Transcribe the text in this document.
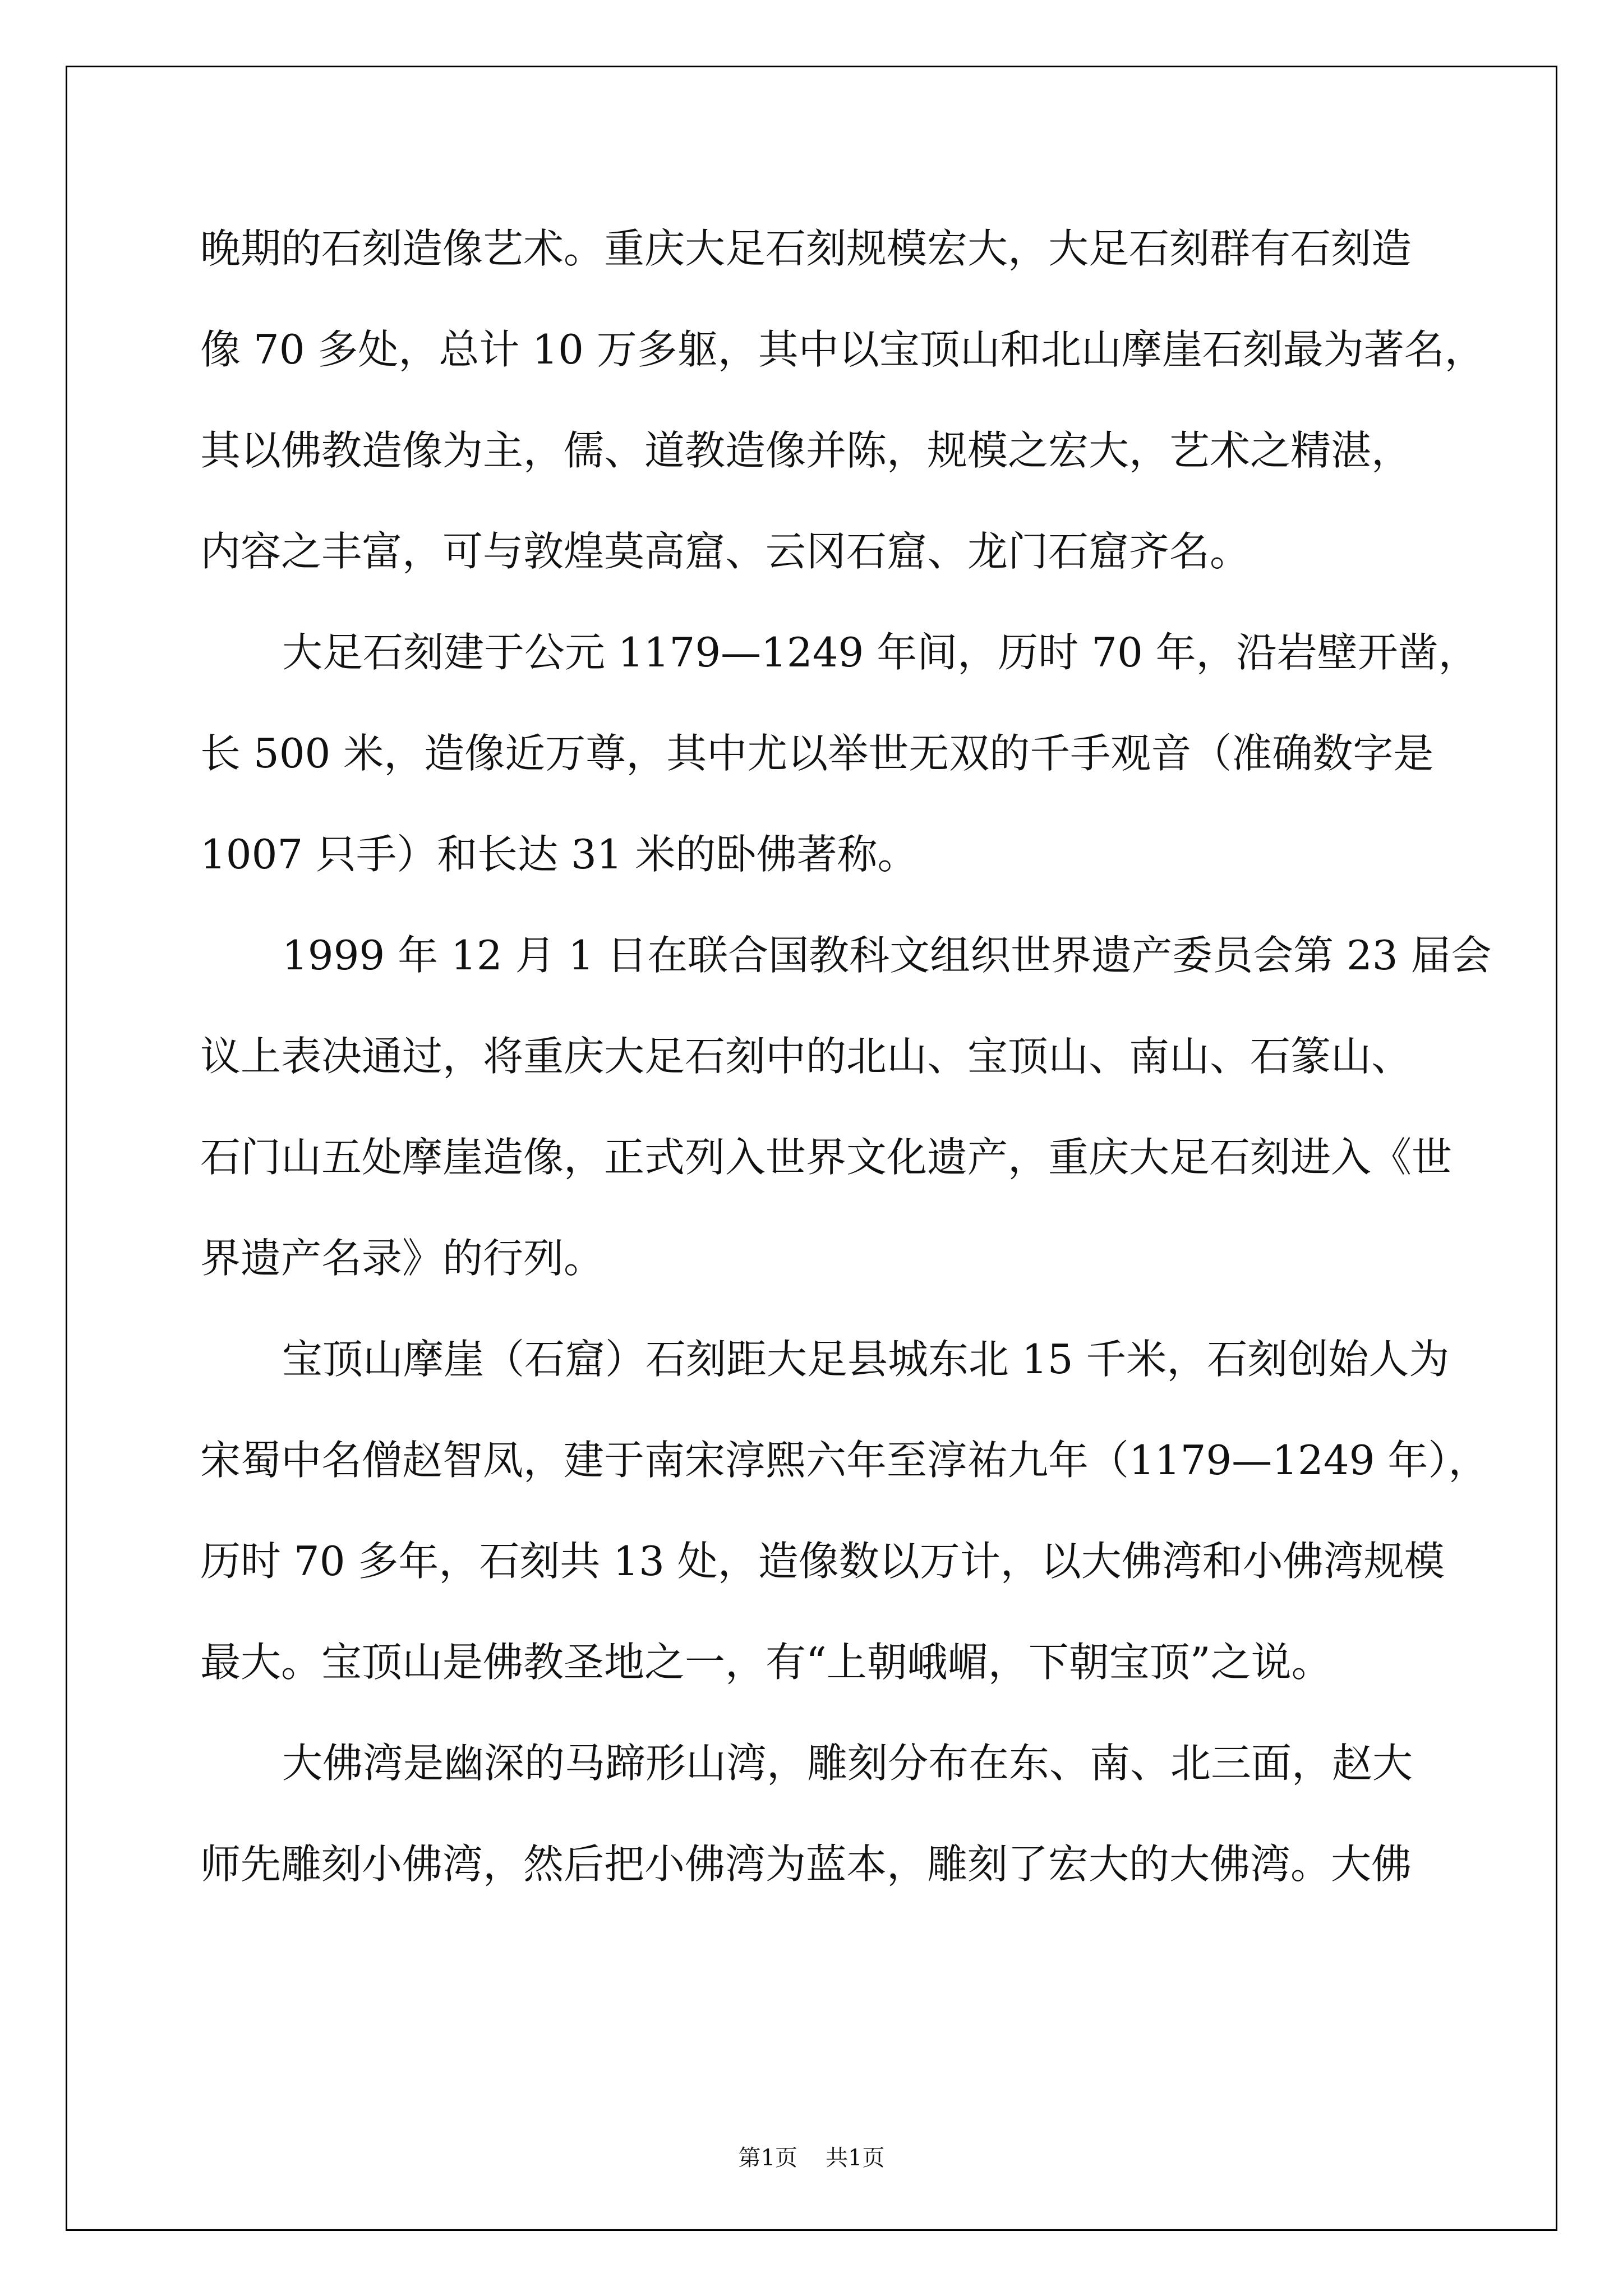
晚期的石刻造像艺术。重庆大足石刻规模宏大，大足石刻群有石刻造
像 70 多处，总计 10 万多躯，其中以宝顶山和北山摩崖石刻最为著名，
其以佛教造像为主，儒、道教造像并陈，规模之宏大，艺术之精湛，
内容之丰富，可与敦煌莫高窟、云冈石窟、龙门石窟齐名。
大足石刻建于公元 1179—1249 年间，历时 70 年，沿岩壁开凿，
长 500 米，造像近万尊，其中尤以举世无双的千手观音（准确数字是
1007 只手）和长达 31 米的卧佛著称。
1999 年 12 月 1 日在联合国教科文组织世界遗产委员会第 23 届会
议上表决通过，将重庆大足石刻中的北山、宝顶山、南山、石篆山、
石门山五处摩崖造像，正式列入世界文化遗产，重庆大足石刻进入《世
界遗产名录》的行列。
宝顶山摩崖（石窟）石刻距大足县城东北 15 千米，石刻创始人为
宋蜀中名僧赵智凤，建于南宋淳熙六年至淳祐九年（1179—1249 年），
历时 70 多年，石刻共 13 处，造像数以万计，以大佛湾和小佛湾规模
最大。宝顶山是佛教圣地之一，有“上朝峨嵋，下朝宝顶”之说。
大佛湾是幽深的马蹄形山湾，雕刻分布在东、南、北三面，赵大
师先雕刻小佛湾，然后把小佛湾为蓝本，雕刻了宏大的大佛湾。大佛
第1页 共1页
